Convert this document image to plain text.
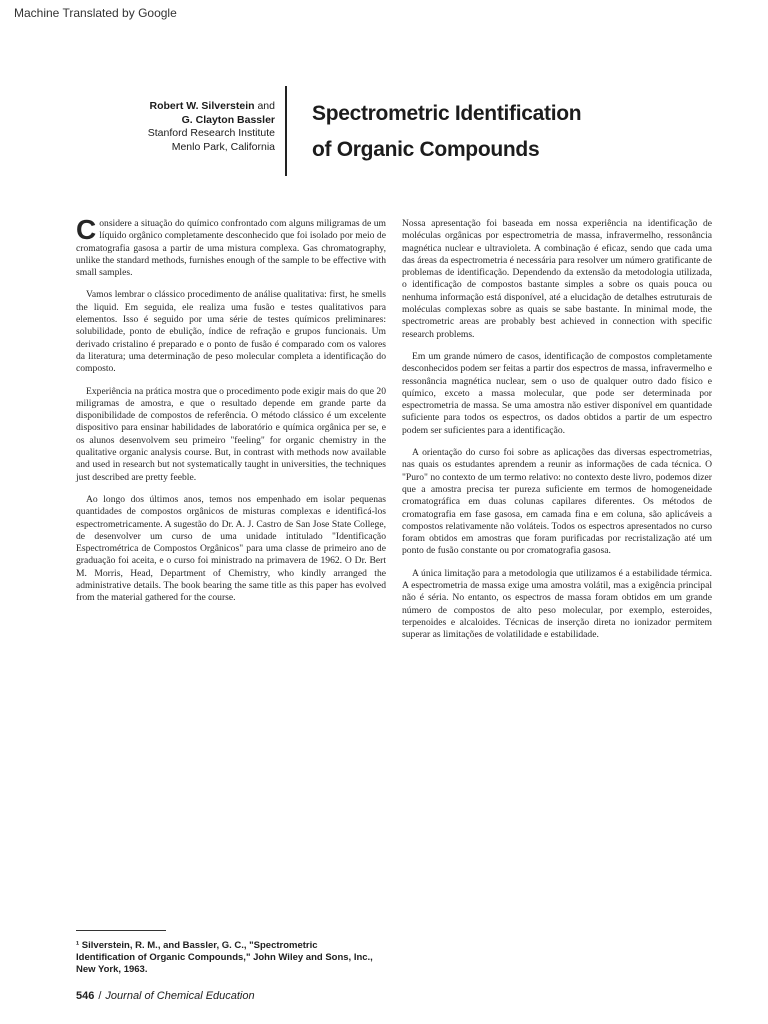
Machine Translated by Google
Robert W. Silverstein and
G. Clayton Bassler
Stanford Research Institute
Menlo Park, California
Spectrometric Identification
of Organic Compounds

Considere a situação do químico confrontado com alguns miligramas de um líquido orgânico completamente desconhecido que foi isolado por meio de cromatografia gasosa a partir de uma mistura complexa. Gas chromatography, unlike the standard methods, furnishes enough of the sample to be effective with small samples.

Vamos lembrar o clássico procedimento de análise qualitativa: first, he smells the liquid. Em seguida, ele realiza uma fusão e testes qualitativos para elementos. Isso é seguido por uma série de testes químicos preliminares: solubilidade, ponto de ebulição, índice de refração e grupos funcionais. Um derivado cristalino é preparado e o ponto de fusão é comparado com os valores da literatura; uma determinação de peso molecular completa a identificação do composto.

Experiência na prática mostra que o procedimento pode exigir mais do que 20 miligramas de amostra, e que o resultado depende em grande parte da disponibilidade de compostos de referência. O método clássico é um excelente dispositivo para ensinar habilidades de laboratório e química orgânica per se, e os alunos desenvolvem seu primeiro "feeling" for organic chemistry in the qualitative organic analysis course. But, in contrast with methods now available and used in research but not systematically taught in universities, the techniques just described are pretty feeble.

Ao longo dos últimos anos, temos nos empenhado em isolar pequenas quantidades de compostos orgânicos de misturas complexas e identificá-los espectrometricamente. A sugestão do Dr. A. J. Castro de San Jose State College, de desenvolver um curso de uma unidade intitulado "Identificação Espectrométrica de Compostos Orgânicos" para uma classe de primeiro ano de graduação foi aceita, e o curso foi ministrado na primavera de 1962. O Dr. Bert M. Morris, Head, Department of Chemistry, who kindly arranged the administrative details. The book bearing the same title as this paper has evolved from the material gathered for the course.

Nossa apresentação foi baseada em nossa experiência na identificação de moléculas orgânicas por espectrometria de massa, infravermelho, ressonância magnética nuclear e ultravioleta. A combinação é eficaz, sendo que cada uma das áreas da espectrometria é necessária para resolver um número gratificante de problemas de identificação. Dependendo da extensão da metodologia utilizada, o identificação de compostos bastante simples a sobre os quais pouca ou nenhuma informação está disponível, até a elucidação de detalhes estruturais de moléculas complexas sobre as quais se sabe bastante. In minimal mode, the spectrometric areas are probably best achieved in connection with specific research problems.

Em um grande número de casos, identificação de compostos completamente desconhecidos podem ser feitas a partir dos espectros de massa, infravermelho e ressonância magnética nuclear, sem o uso de qualquer outro dado físico e químico, exceto a massa molecular, que pode ser determinada por espectrometria de massa. Se uma amostra não estiver disponível em quantidade suficiente para todos os espectros, os dados obtidos a partir de um espectro podem ser suficientes para a identificação.

A orientação do curso foi sobre as aplicações das diversas espectrometrias, nas quais os estudantes aprendem a reunir as informações de cada técnica. O "Puro" no contexto de um termo relativo: no contexto deste livro, podemos dizer que a amostra precisa ter pureza suficiente em termos de homogeneidade cromatográfica em duas colunas capilares diferentes. Os métodos de cromatografia em fase gasosa, em camada fina e em coluna, são aplicáveis a compostos relativamente não voláteis. Todos os espectros apresentados no curso foram obtidos em amostras que foram purificadas por recristalização até um ponto de fusão constante ou por cromatografia gasosa.

A única limitação para a metodologia que utilizamos é a estabilidade térmica. A espectrometria de massa exige uma amostra volátil, mas a exigência principal não é séria. No entanto, os espectros de massa foram obtidos em um grande número de compostos de alto peso molecular, por exemplo, esteroides, terpenoides e alcaloides. Técnicas de inserção direta no ionizador permitem superar as limitações de volatilidade e estabilidade.

¹ Silverstein, R. M., and Bassler, G. C., "Spectrometric Identification of Organic Compounds," John Wiley and Sons, Inc., New York, 1963.
546 / Journal of Chemical Education
